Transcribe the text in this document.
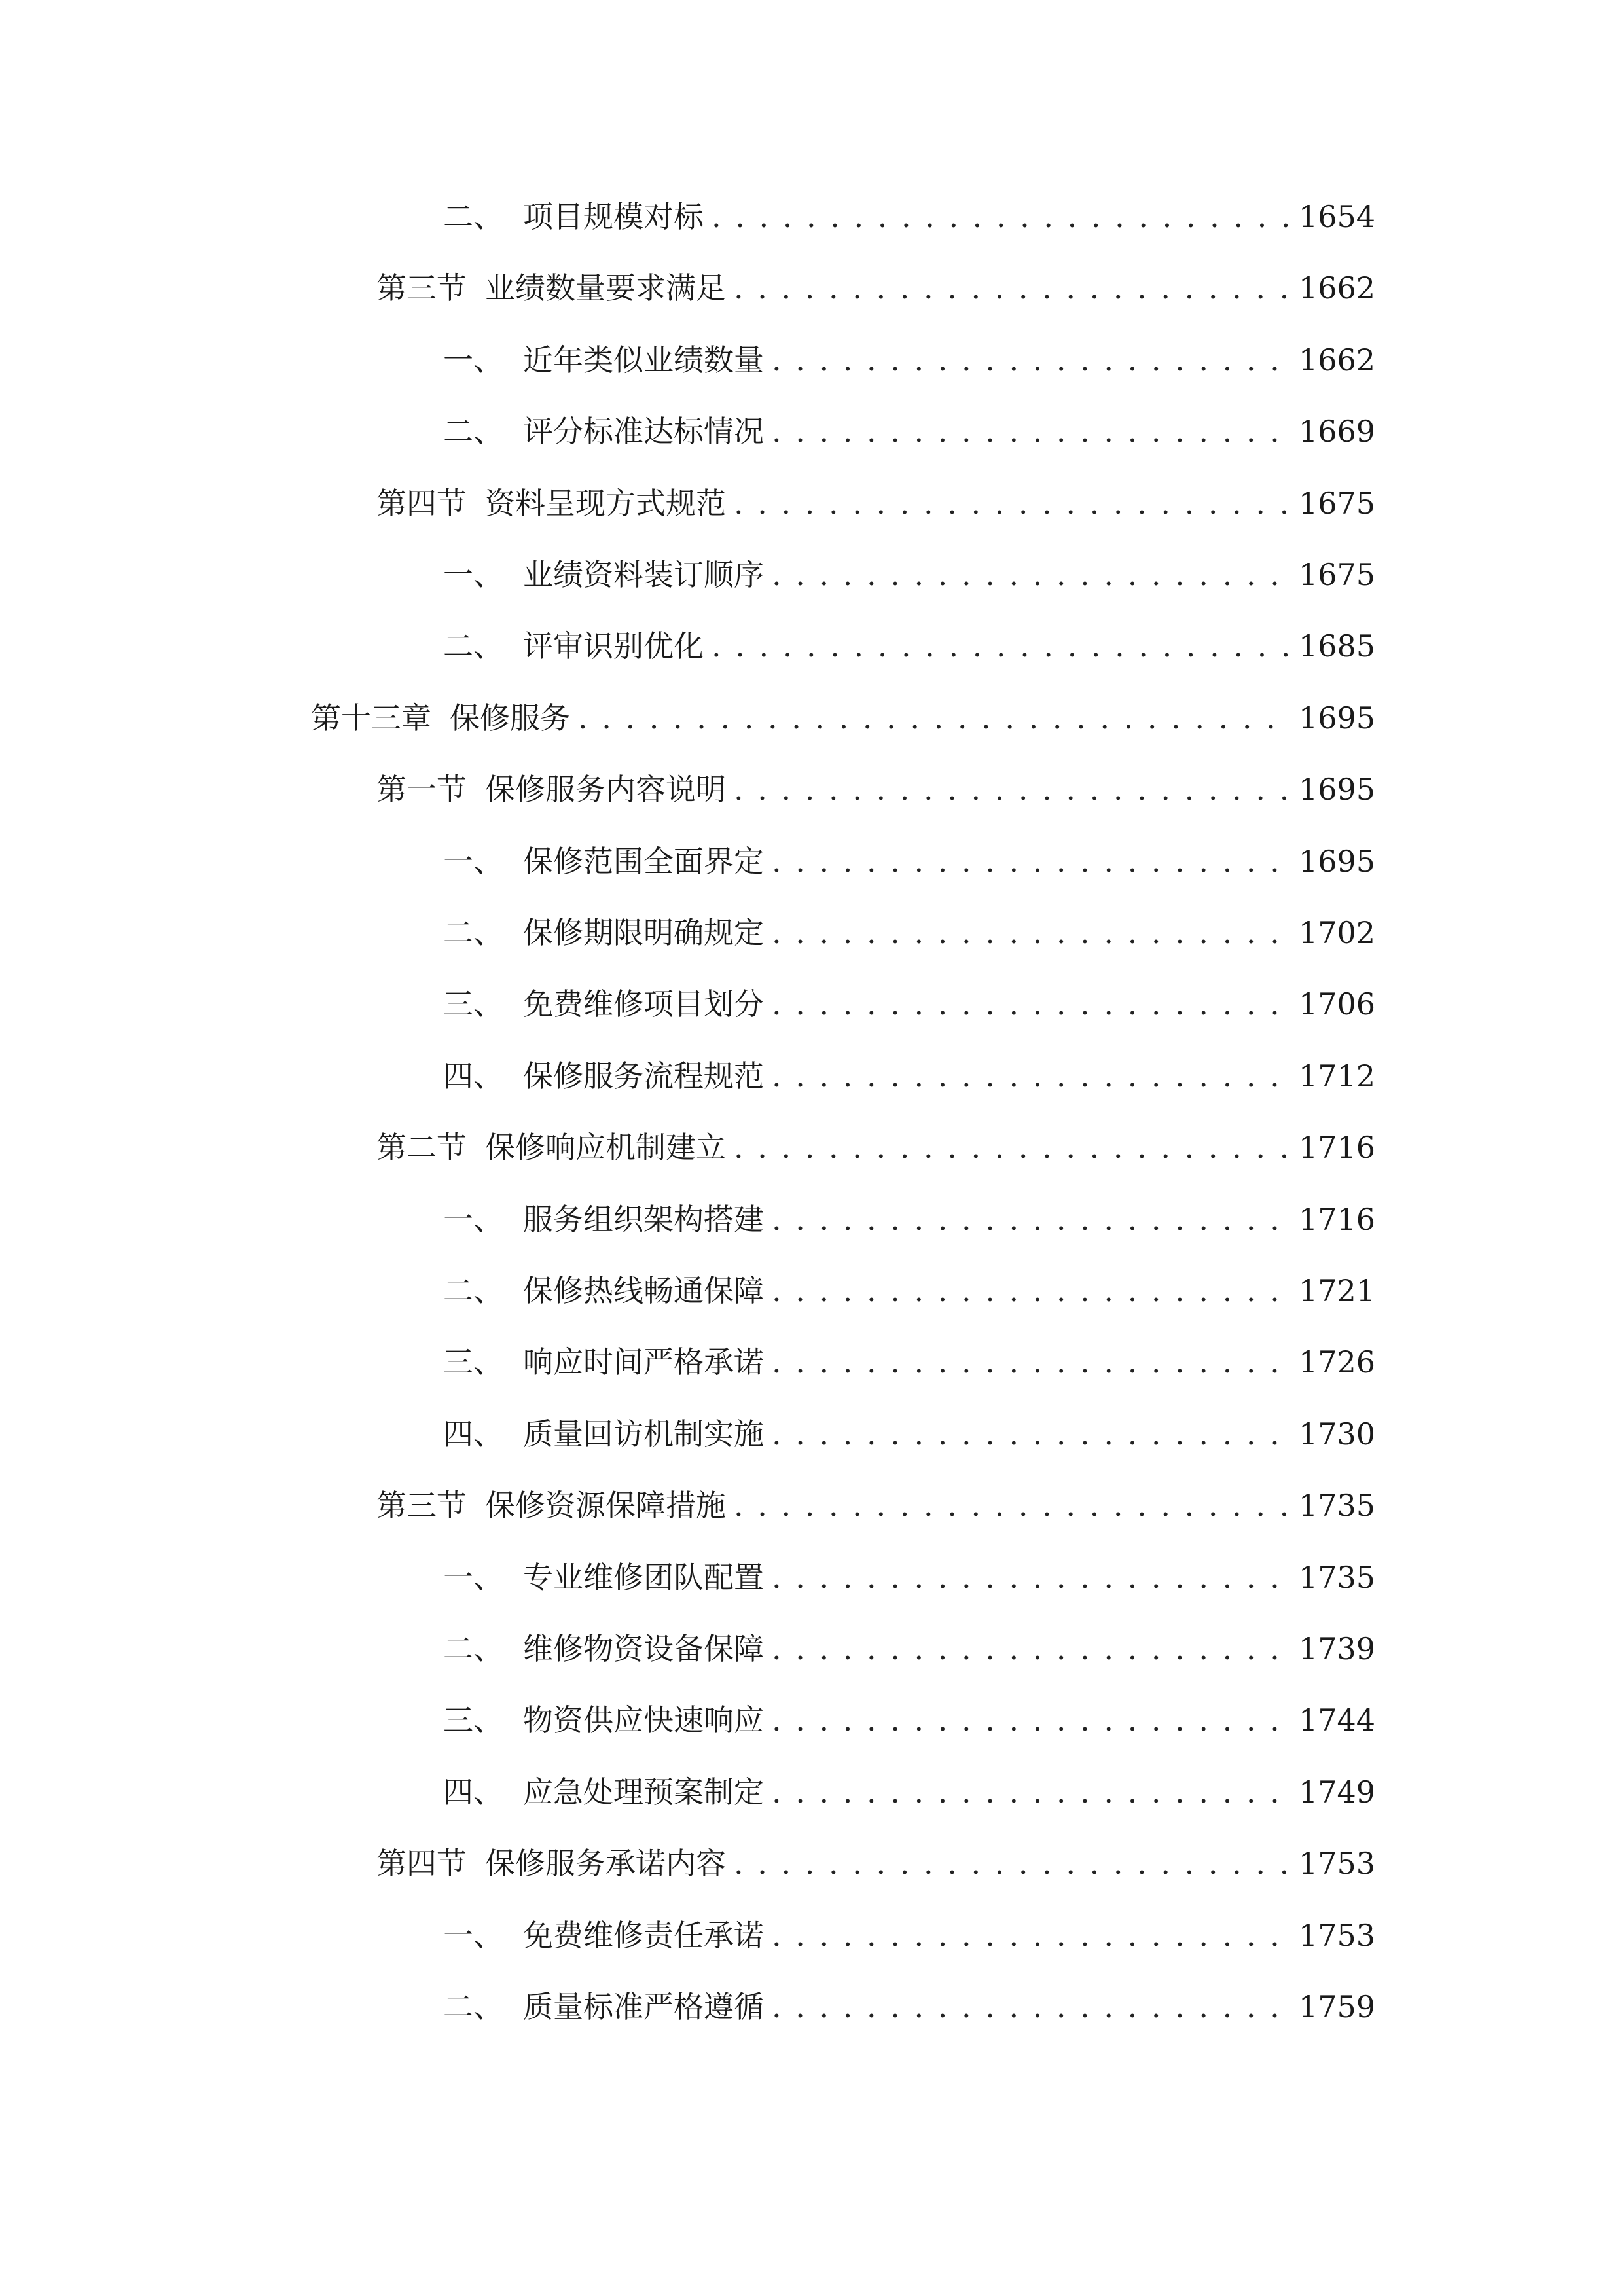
二、 项目规模对标 . . .	1654
第三节 业绩数量要求满足 . . .	1662
一、 近年类似业绩数量 . . .	1662
二、 评分标准达标情况 . . .	1669
第四节 资料呈现方式规范 . . .	1675
一、 业绩资料装订顺序 . . .	1675
二、 评审识别优化 . . .	1685
第十三章 保修服务 . . .	1695
第一节 保修服务内容说明 . . .	1695
一、 保修范围全面界定 . . .	1695
二、 保修期限明确规定 . . .	1702
三、 免费维修项目划分 . . .	1706
四、 保修服务流程规范 . . .	1712
第二节 保修响应机制建立 . . .	1716
一、 服务组织架构搭建 . . .	1716
二、 保修热线畅通保障 . . .	1721
三、 响应时间严格承诺 . . .	1726
四、 质量回访机制实施 . . .	1730
第三节 保修资源保障措施 . . .	1735
一、 专业维修团队配置 . . .	1735
二、 维修物资设备保障 . . .	1739
三、 物资供应快速响应 . . .	1744
四、 应急处理预案制定 . . .	1749
第四节 保修服务承诺内容 . . .	1753
一、 免费维修责任承诺 . . .	1753
二、 质量标准严格遵循 . . .	1759
